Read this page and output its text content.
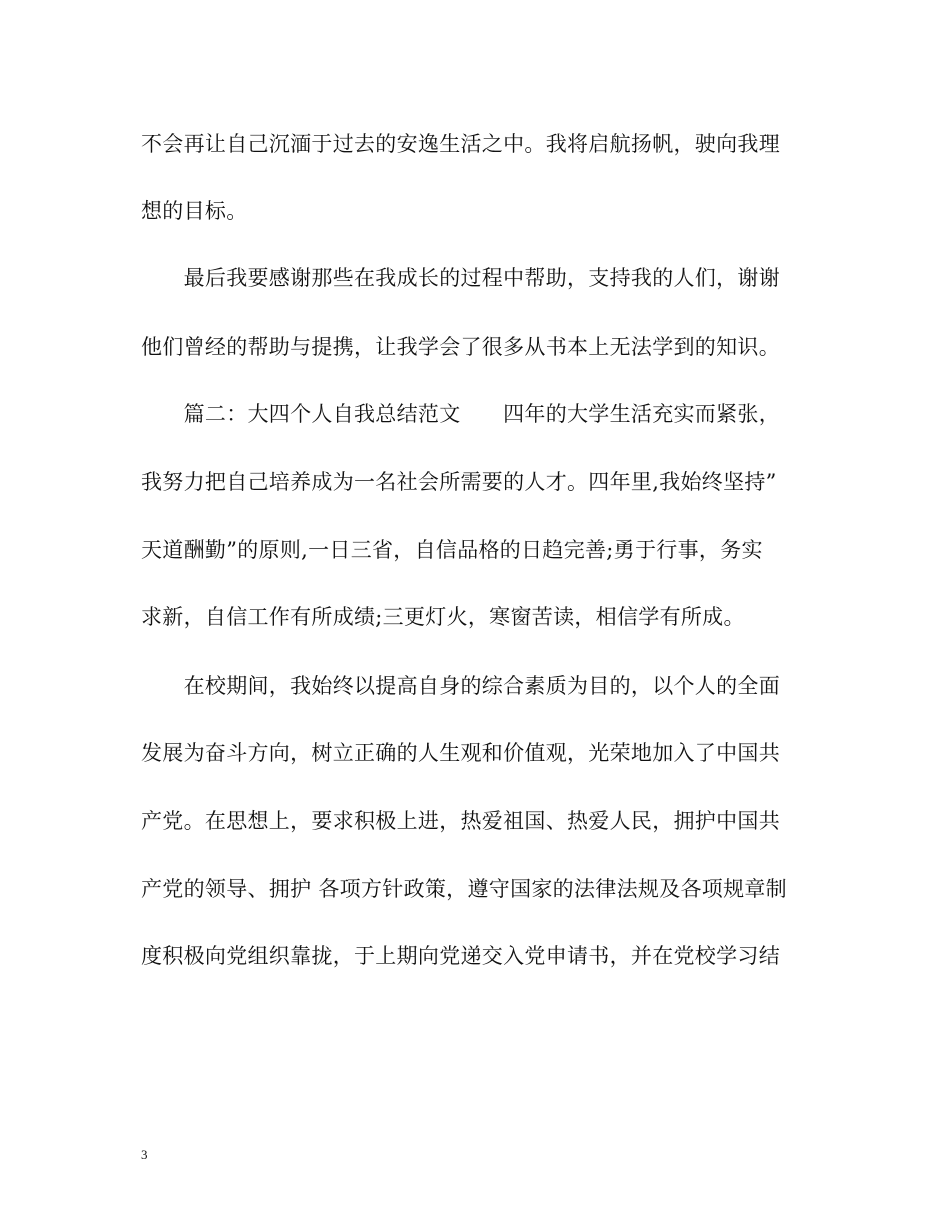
不会再让自己沉湎于过去的安逸生活之中。我将启航扬帆，驶向我理
想的目标。
　　最后我要感谢那些在我成长的过程中帮助，支持我的人们，谢谢
他们曾经的帮助与提携，让我学会了很多从书本上无法学到的知识。
　　篇二：大四个人自我总结范文　　四年的大学生活充实而紧张，
我努力把自己培养成为一名社会所需要的人才。四年里,我始终坚持”
天道酬勤”的原则,一日三省，自信品格的日趋完善;勇于行事，务实
求新，自信工作有所成绩;三更灯火，寒窗苦读，相信学有所成。
　　在校期间，我始终以提高自身的综合素质为目的，以个人的全面
发展为奋斗方向，树立正确的人生观和价值观，光荣地加入了中国共
产党。在思想上，要求积极上进，热爱祖国、热爱人民，拥护中国共
产党的领导、拥护 各项方针政策，遵守国家的法律法规及各项规章制
度积极向党组织靠拢，于上期向党递交入党申请书，并在党校学习结
3
